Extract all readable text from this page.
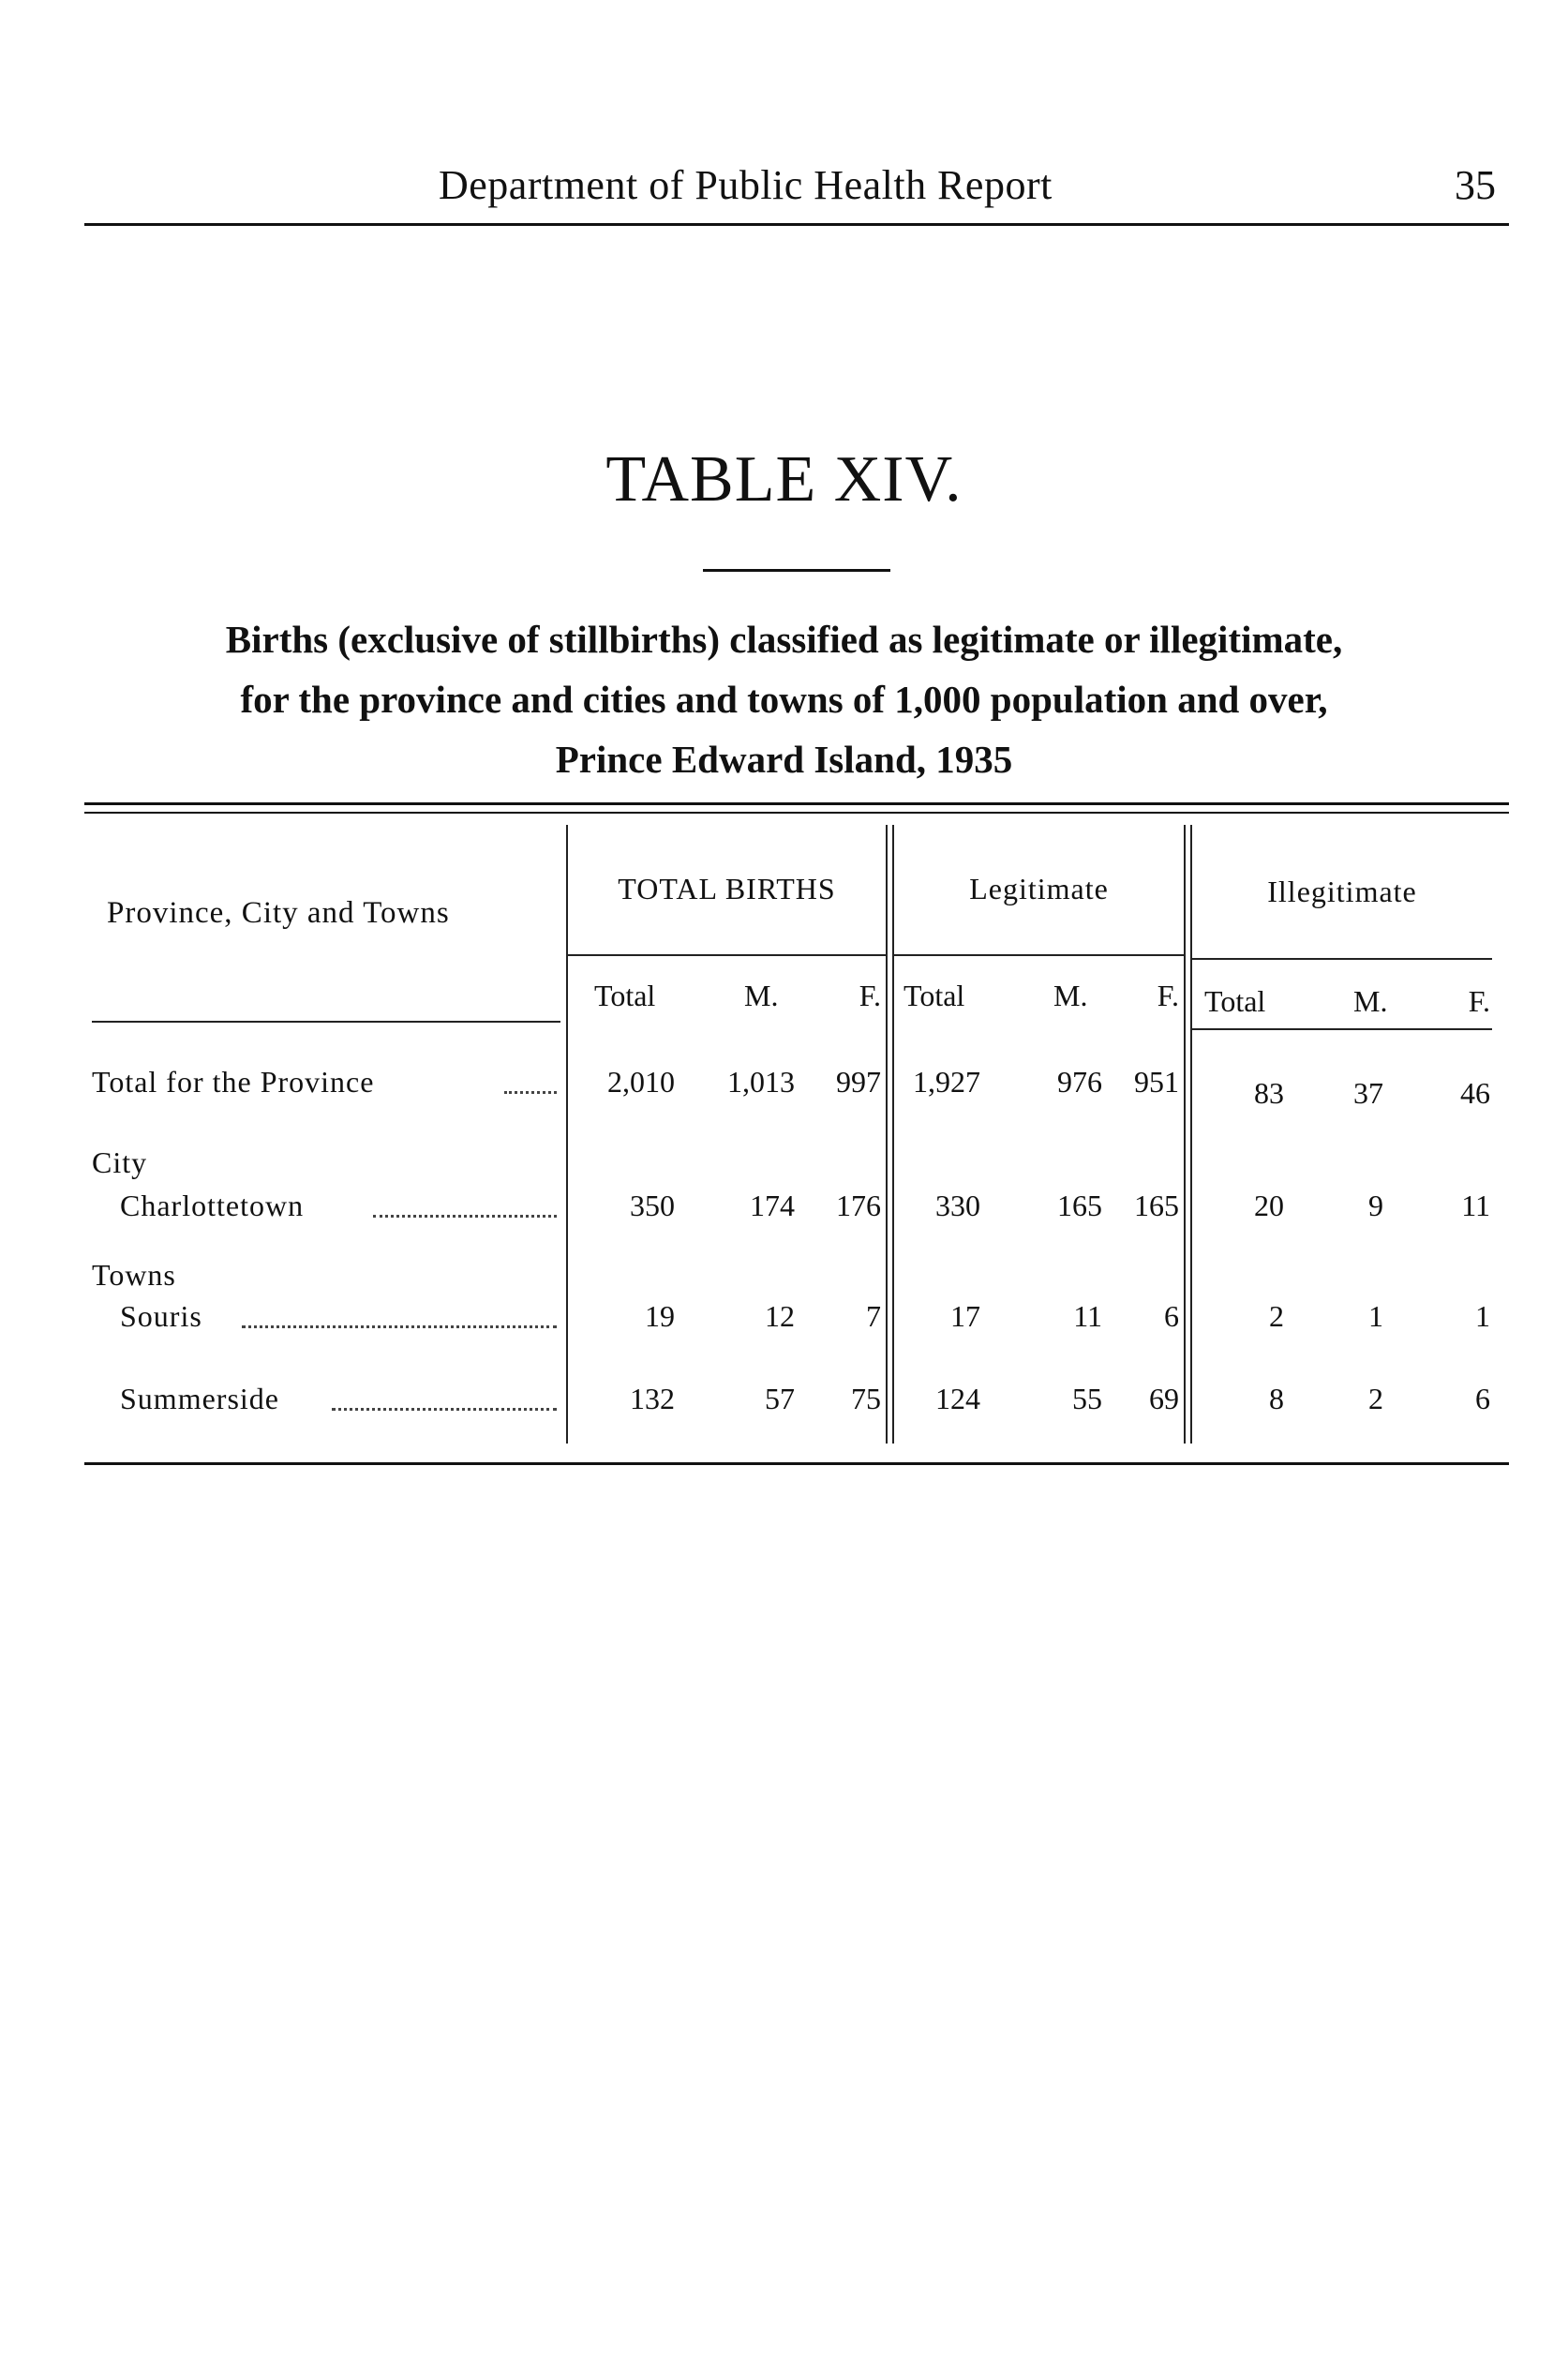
Department of Public Health Report	35
TABLE XIV.
Births (exclusive of stillbirths) classified as legitimate or illegitimate,
for the province and cities and towns of 1,000 population and over,
Prince Edward Island, 1935
Province, City and Towns
TOTAL BIRTHS	Legitimate	Illegitimate
Total	M.	F. Total	M.	F. Total	M.	F.
Total for the Province	2,010	1,013	997	1,927	976	951	83	37	46
City
Charlottetown	350	174	176	330	165	165	20	9	11
Towns
Souris	19	12	7	17	11	6	2	1	1
Summerside	132	57	75	124	55	69	8	2	6
